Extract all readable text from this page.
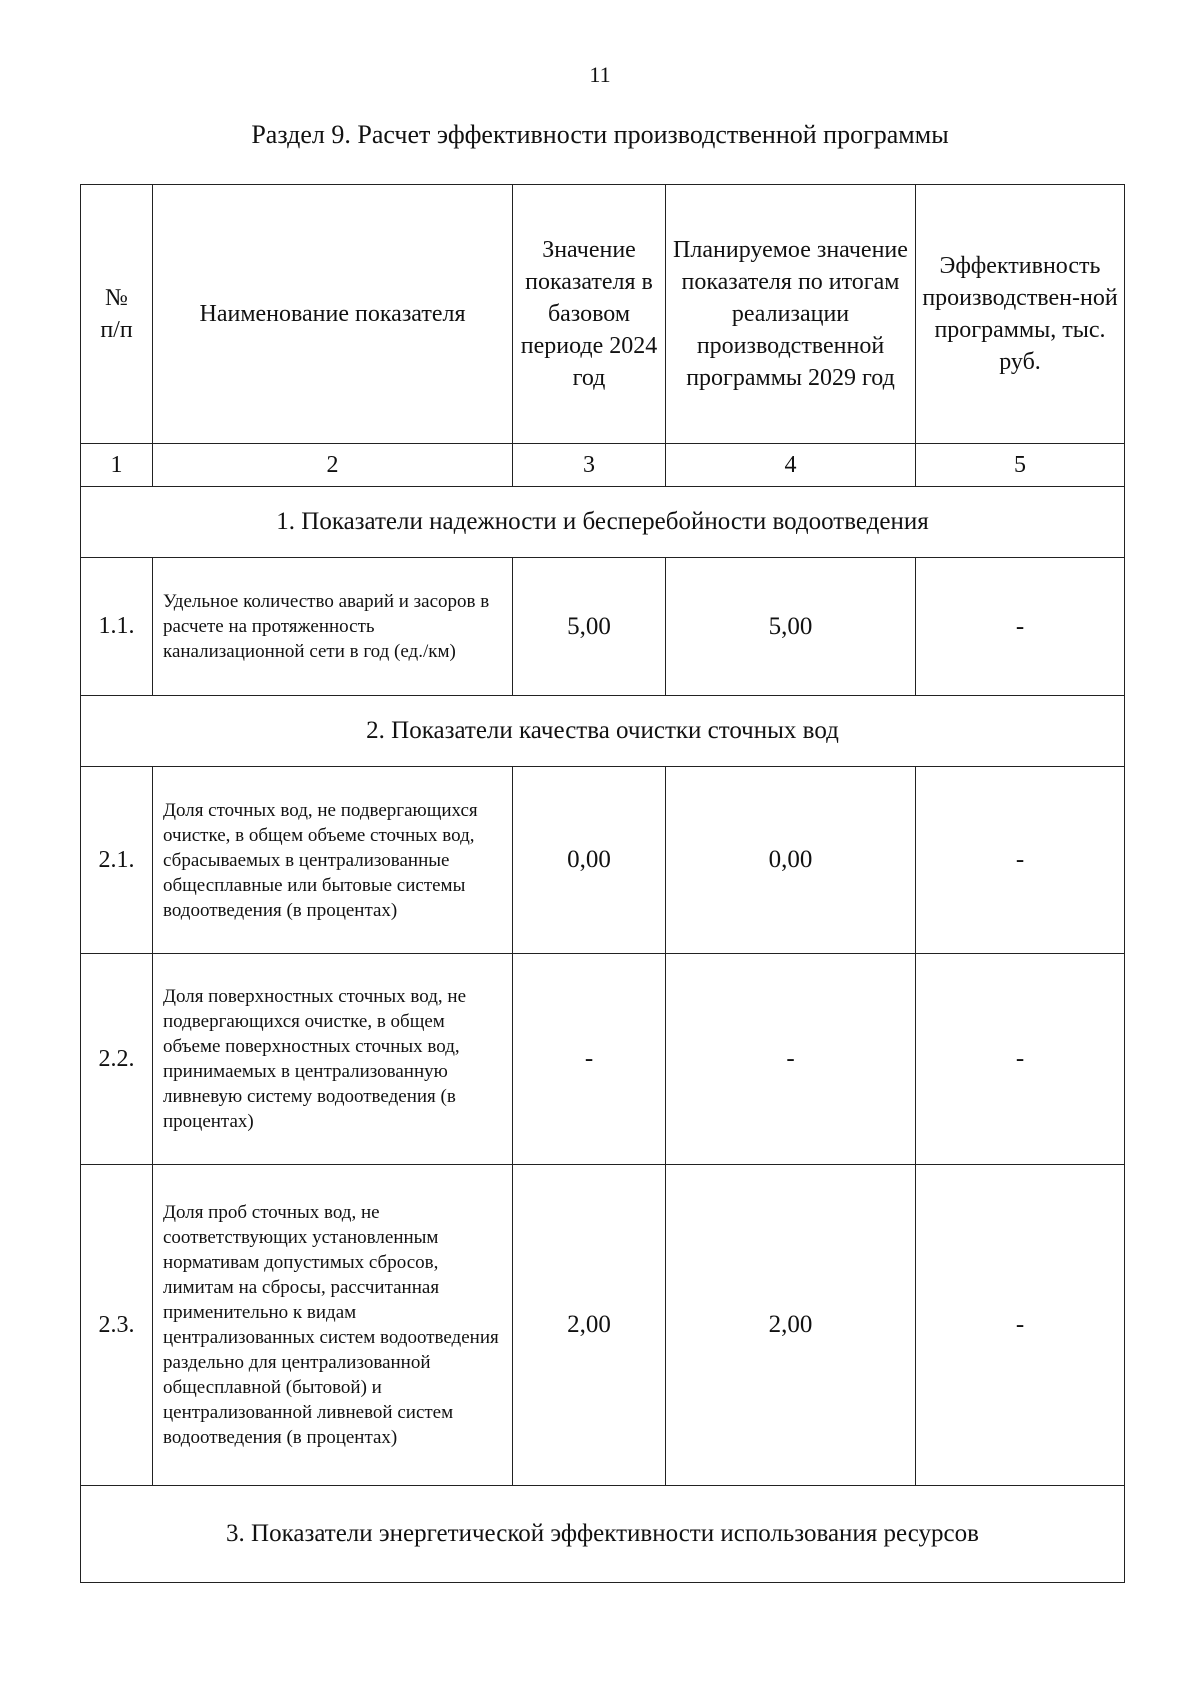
11
Раздел 9. Расчет эффективности производственной программы
№ п/п	Наименование показателя	Значение показателя в базовом периоде 2024 год	Планируемое значение показателя по итогам реализации производственной программы 2029 год	Эффективность производствен-ной программы, тыс. руб.

1	2	3	4	5
1. Показатели надежности и бесперебойности водоотведения				
1.1.	Удельное количество аварий и засоров в расчете на протяженность канализационной сети в год (ед./км)	5,00	5,00	-
2. Показатели качества очистки сточных вод				
2.1.	Доля сточных вод, не подвергающихся очистке, в общем объеме сточных вод, сбрасываемых в централизованные общесплавные или бытовые системы водоотведения (в процентах)	0,00	0,00	-
2.2.	Доля поверхностных сточных вод, не подвергающихся очистке, в общем объеме поверхностных сточных вод, принимаемых в централизованную ливневую систему водоотведения (в процентах)	-	-	-
2.3.	Доля проб сточных вод, не соответствующих установленным нормативам допустимых сбросов, лимитам на сбросы, рассчитанная применительно к видам централизованных систем водоотведения раздельно для централизованной общесплавной (бытовой) и централизованной ливневой систем водоотведения (в процентах)	2,00	2,00	-
3. Показатели энергетической эффективности использования ресурсов				
